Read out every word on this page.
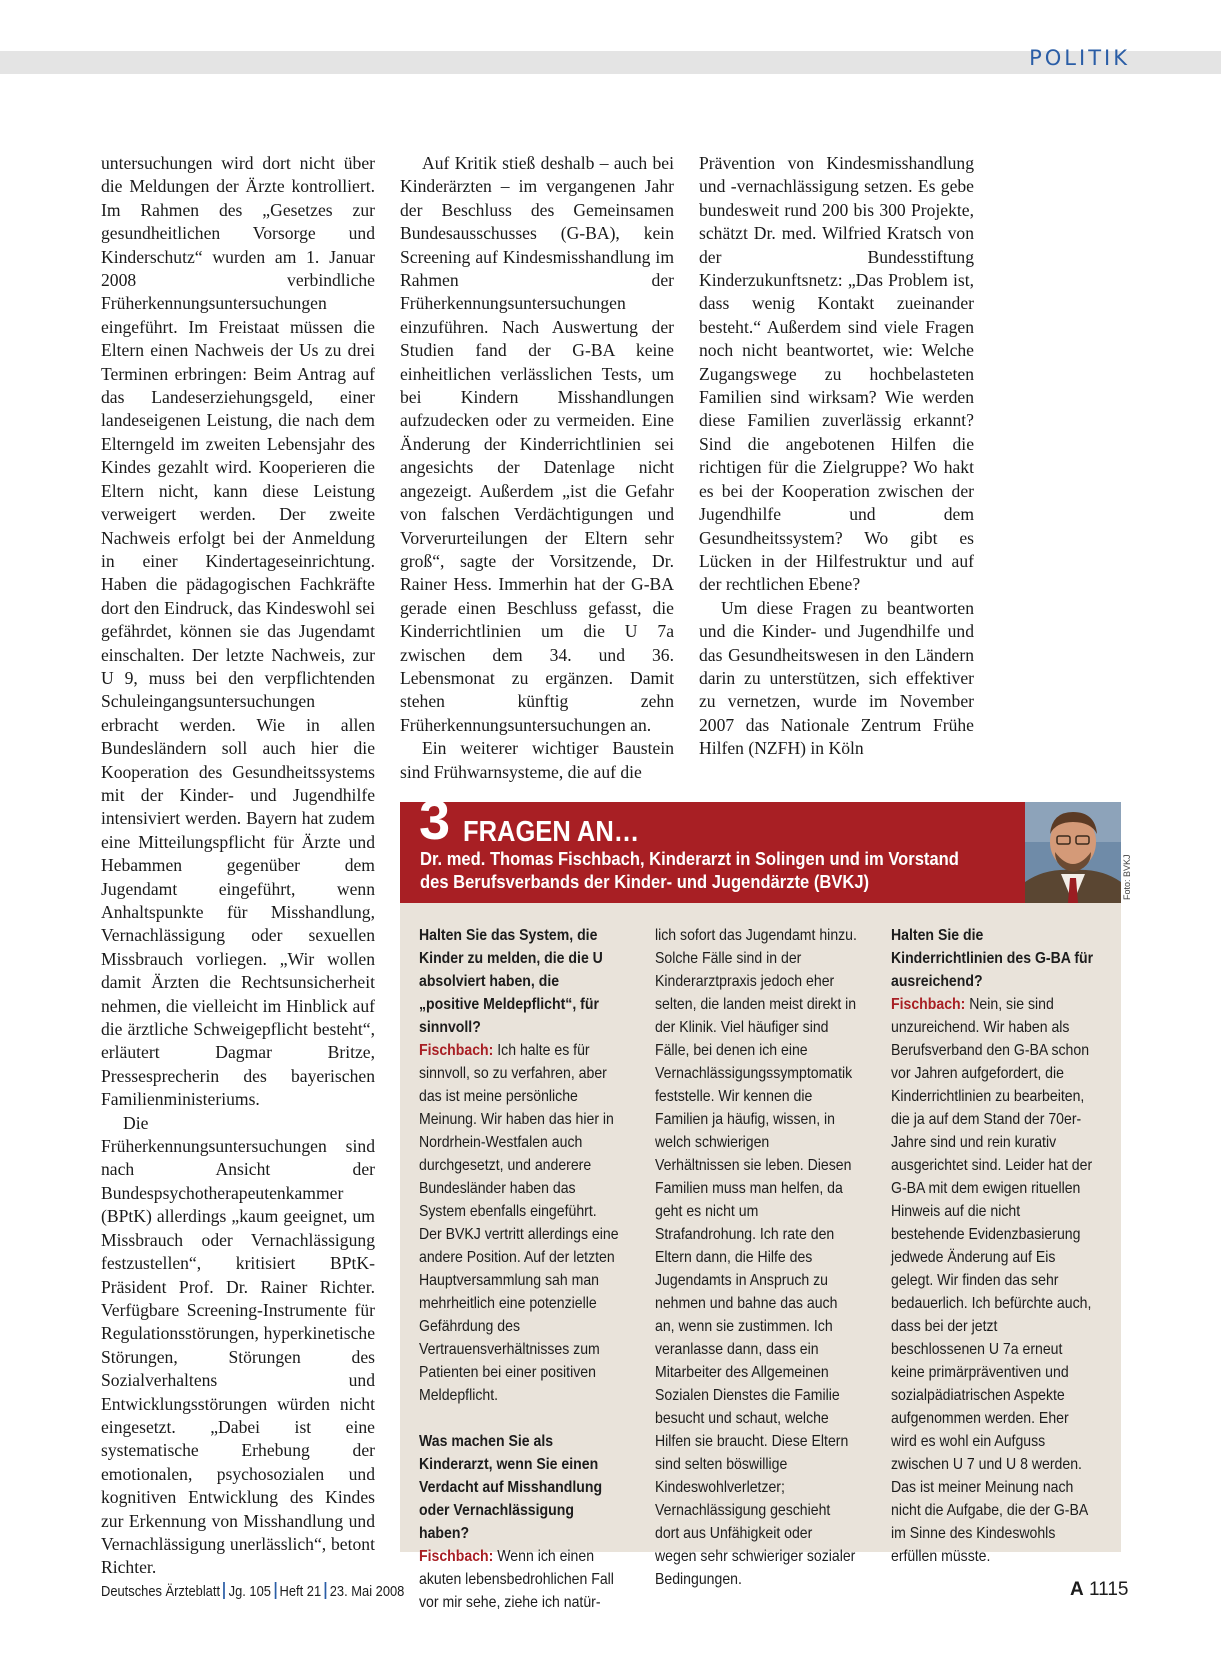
POLITIK

untersuchungen wird dort nicht über die Meldungen der Ärzte kontrolliert. Im Rahmen des „Gesetzes zur gesundheitlichen Vorsorge und Kinderschutz“ wurden am 1. Januar 2008 verbindliche Früherkennungsuntersuchungen eingeführt. Im Freistaat müssen die Eltern einen Nachweis der Us zu drei Terminen erbringen: Beim Antrag auf das Landeserziehungsgeld, einer landeseigenen Leistung, die nach dem Elterngeld im zweiten Lebensjahr des Kindes gezahlt wird. Kooperieren die Eltern nicht, kann diese Leistung verweigert werden. Der zweite Nachweis erfolgt bei der Anmeldung in einer Kindertageseinrichtung. Haben die pädagogischen Fachkräfte dort den Eindruck, das Kindeswohl sei gefährdet, können sie das Jugendamt einschalten. Der letzte Nachweis, zur U 9, muss bei den verpflichtenden Schuleingangsuntersuchungen erbracht werden. Wie in allen Bundesländern soll auch hier die Kooperation des Gesundheitssystems mit der Kinder- und Jugendhilfe intensiviert werden. Bayern hat zudem eine Mitteilungspflicht für Ärzte und Hebammen gegenüber dem Jugendamt eingeführt, wenn Anhaltspunkte für Misshandlung, Vernachlässigung oder sexuellen Missbrauch vorliegen. „Wir wollen damit Ärzten die Rechtsunsicherheit nehmen, die vielleicht im Hinblick auf die ärztliche Schweigepflicht besteht“, erläutert Dagmar Britze, Pressesprecherin des bayerischen Familienministeriums.

Die Früherkennungsuntersuchungen sind nach Ansicht der Bundespsychotherapeutenkammer (BPtK) allerdings „kaum geeignet, um Missbrauch oder Vernachlässigung festzustellen“, kritisiert BPtK-Präsident Prof. Dr. Rainer Richter. Verfügbare Screening-Instrumente für Regulationsstörungen, hyperkinetische Störungen, Störungen des Sozialverhaltens und Entwicklungsstörungen würden nicht eingesetzt. „Dabei ist eine systematische Erhebung der emotionalen, psychosozialen und kognitiven Entwicklung des Kindes zur Erkennung von Misshandlung und Vernachlässigung unerlässlich“, betont Richter.

Auf Kritik stieß deshalb – auch bei Kinderärzten – im vergangenen Jahr der Beschluss des Gemeinsamen Bundesausschusses (G-BA), kein Screening auf Kindesmisshandlung im Rahmen der Früherkennungsuntersuchungen einzuführen. Nach Auswertung der Studien fand der G-BA keine einheitlichen verlässlichen Tests, um bei Kindern Misshandlungen aufzudecken oder zu vermeiden. Eine Änderung der Kinderrichtlinien sei angesichts der Datenlage nicht angezeigt. Außerdem „ist die Gefahr von falschen Verdächtigungen und Vorverurteilungen der Eltern sehr groß“, sagte der Vorsitzende, Dr. Rainer Hess. Immerhin hat der G-BA gerade einen Beschluss gefasst, die Kinderrichtlinien um die U 7a zwischen dem 34. und 36. Lebensmonat zu ergänzen. Damit stehen künftig zehn Früherkennungsuntersuchungen an.

Ein weiterer wichtiger Baustein sind Frühwarnsysteme, die auf die

Prävention von Kindesmisshandlung und -vernachlässigung setzen. Es gebe bundesweit rund 200 bis 300 Projekte, schätzt Dr. med. Wilfried Kratsch von der Bundesstiftung Kinderzukunftsnetz: „Das Problem ist, dass wenig Kontakt zueinander besteht.“ Außerdem sind viele Fragen noch nicht beantwortet, wie: Welche Zugangswege zu hochbelasteten Familien sind wirksam? Wie werden diese Familien zuverlässig erkannt? Sind die angebotenen Hilfen die richtigen für die Zielgruppe? Wo hakt es bei der Kooperation zwischen der Jugendhilfe und dem Gesundheitssystem? Wo gibt es Lücken in der Hilfestruktur und auf der rechtlichen Ebene?

Um diese Fragen zu beantworten und die Kinder- und Jugendhilfe und das Gesundheitswesen in den Ländern darin zu unterstützen, sich effektiver zu vernetzen, wurde im November 2007 das Nationale Zentrum Frühe Hilfen (NZFH) in Köln

3 FRAGEN AN…
Dr. med. Thomas Fischbach, Kinderarzt in Solingen und im Vorstand des Berufsverbands der Kinder- und Jugendärzte (BVKJ)	Foto: BVKJ

Halten Sie das System, die Kinder zu melden, die die U absolviert haben, die „positive Meldepflicht“, für sinnvoll?

Fischbach: Ich halte es für sinnvoll, so zu verfahren, aber das ist meine persönliche Meinung. Wir haben das hier in Nordrhein-Westfalen auch durchgesetzt, und anderere Bundesländer haben das System ebenfalls eingeführt. Der BVKJ vertritt allerdings eine andere Position. Auf der letzten Hauptversammlung sah man mehrheitlich eine potenzielle Gefährdung des Vertrauensverhältnisses zum Patienten bei einer positiven Meldepflicht.

Was machen Sie als Kinderarzt, wenn Sie einen Verdacht auf Misshandlung oder Vernachlässigung haben?

Fischbach: Wenn ich einen akuten lebensbedrohlichen Fall vor mir sehe, ziehe ich natür-

lich sofort das Jugendamt hinzu. Solche Fälle sind in der Kinderarztpraxis jedoch eher selten, die landen meist direkt in der Klinik. Viel häufiger sind Fälle, bei denen ich eine Vernachlässigungssymptomatik feststelle. Wir kennen die Familien ja häufig, wissen, in welch schwierigen Verhältnissen sie leben. Diesen Familien muss man helfen, da geht es nicht um Strafandrohung. Ich rate den Eltern dann, die Hilfe des Jugendamts in Anspruch zu nehmen und bahne das auch an, wenn sie zustimmen. Ich veranlasse dann, dass ein Mitarbeiter des Allgemeinen Sozialen Dienstes die Familie besucht und schaut, welche Hilfen sie braucht. Diese Eltern sind selten böswillige Kindeswohlverletzer; Vernachlässigung geschieht dort aus Unfähigkeit oder wegen sehr schwieriger sozialer Bedingungen.

Halten Sie die Kinderrichtlinien des G-BA für ausreichend?

Fischbach: Nein, sie sind unzureichend. Wir haben als Berufsverband den G-BA schon vor Jahren aufgefordert, die Kinderrichtlinien zu bearbeiten, die ja auf dem Stand der 70er-Jahre sind und rein kurativ ausgerichtet sind. Leider hat der G-BA mit dem ewigen rituellen Hinweis auf die nicht bestehende Evidenzbasierung jedwede Änderung auf Eis gelegt. Wir finden das sehr bedauerlich. Ich befürchte auch, dass bei der jetzt beschlossenen U 7a erneut keine primärpräventiven und sozialpädiatrischen Aspekte aufgenommen werden. Eher wird es wohl ein Aufguss zwischen U 7 und U 8 werden. Das ist meiner Meinung nach nicht die Aufgabe, die der G-BA im Sinne des Kindeswohls erfüllen müsste.

Deutsches Ärzteblatt Jg. 105 Heft 21 23. Mai 2008	A 1115
